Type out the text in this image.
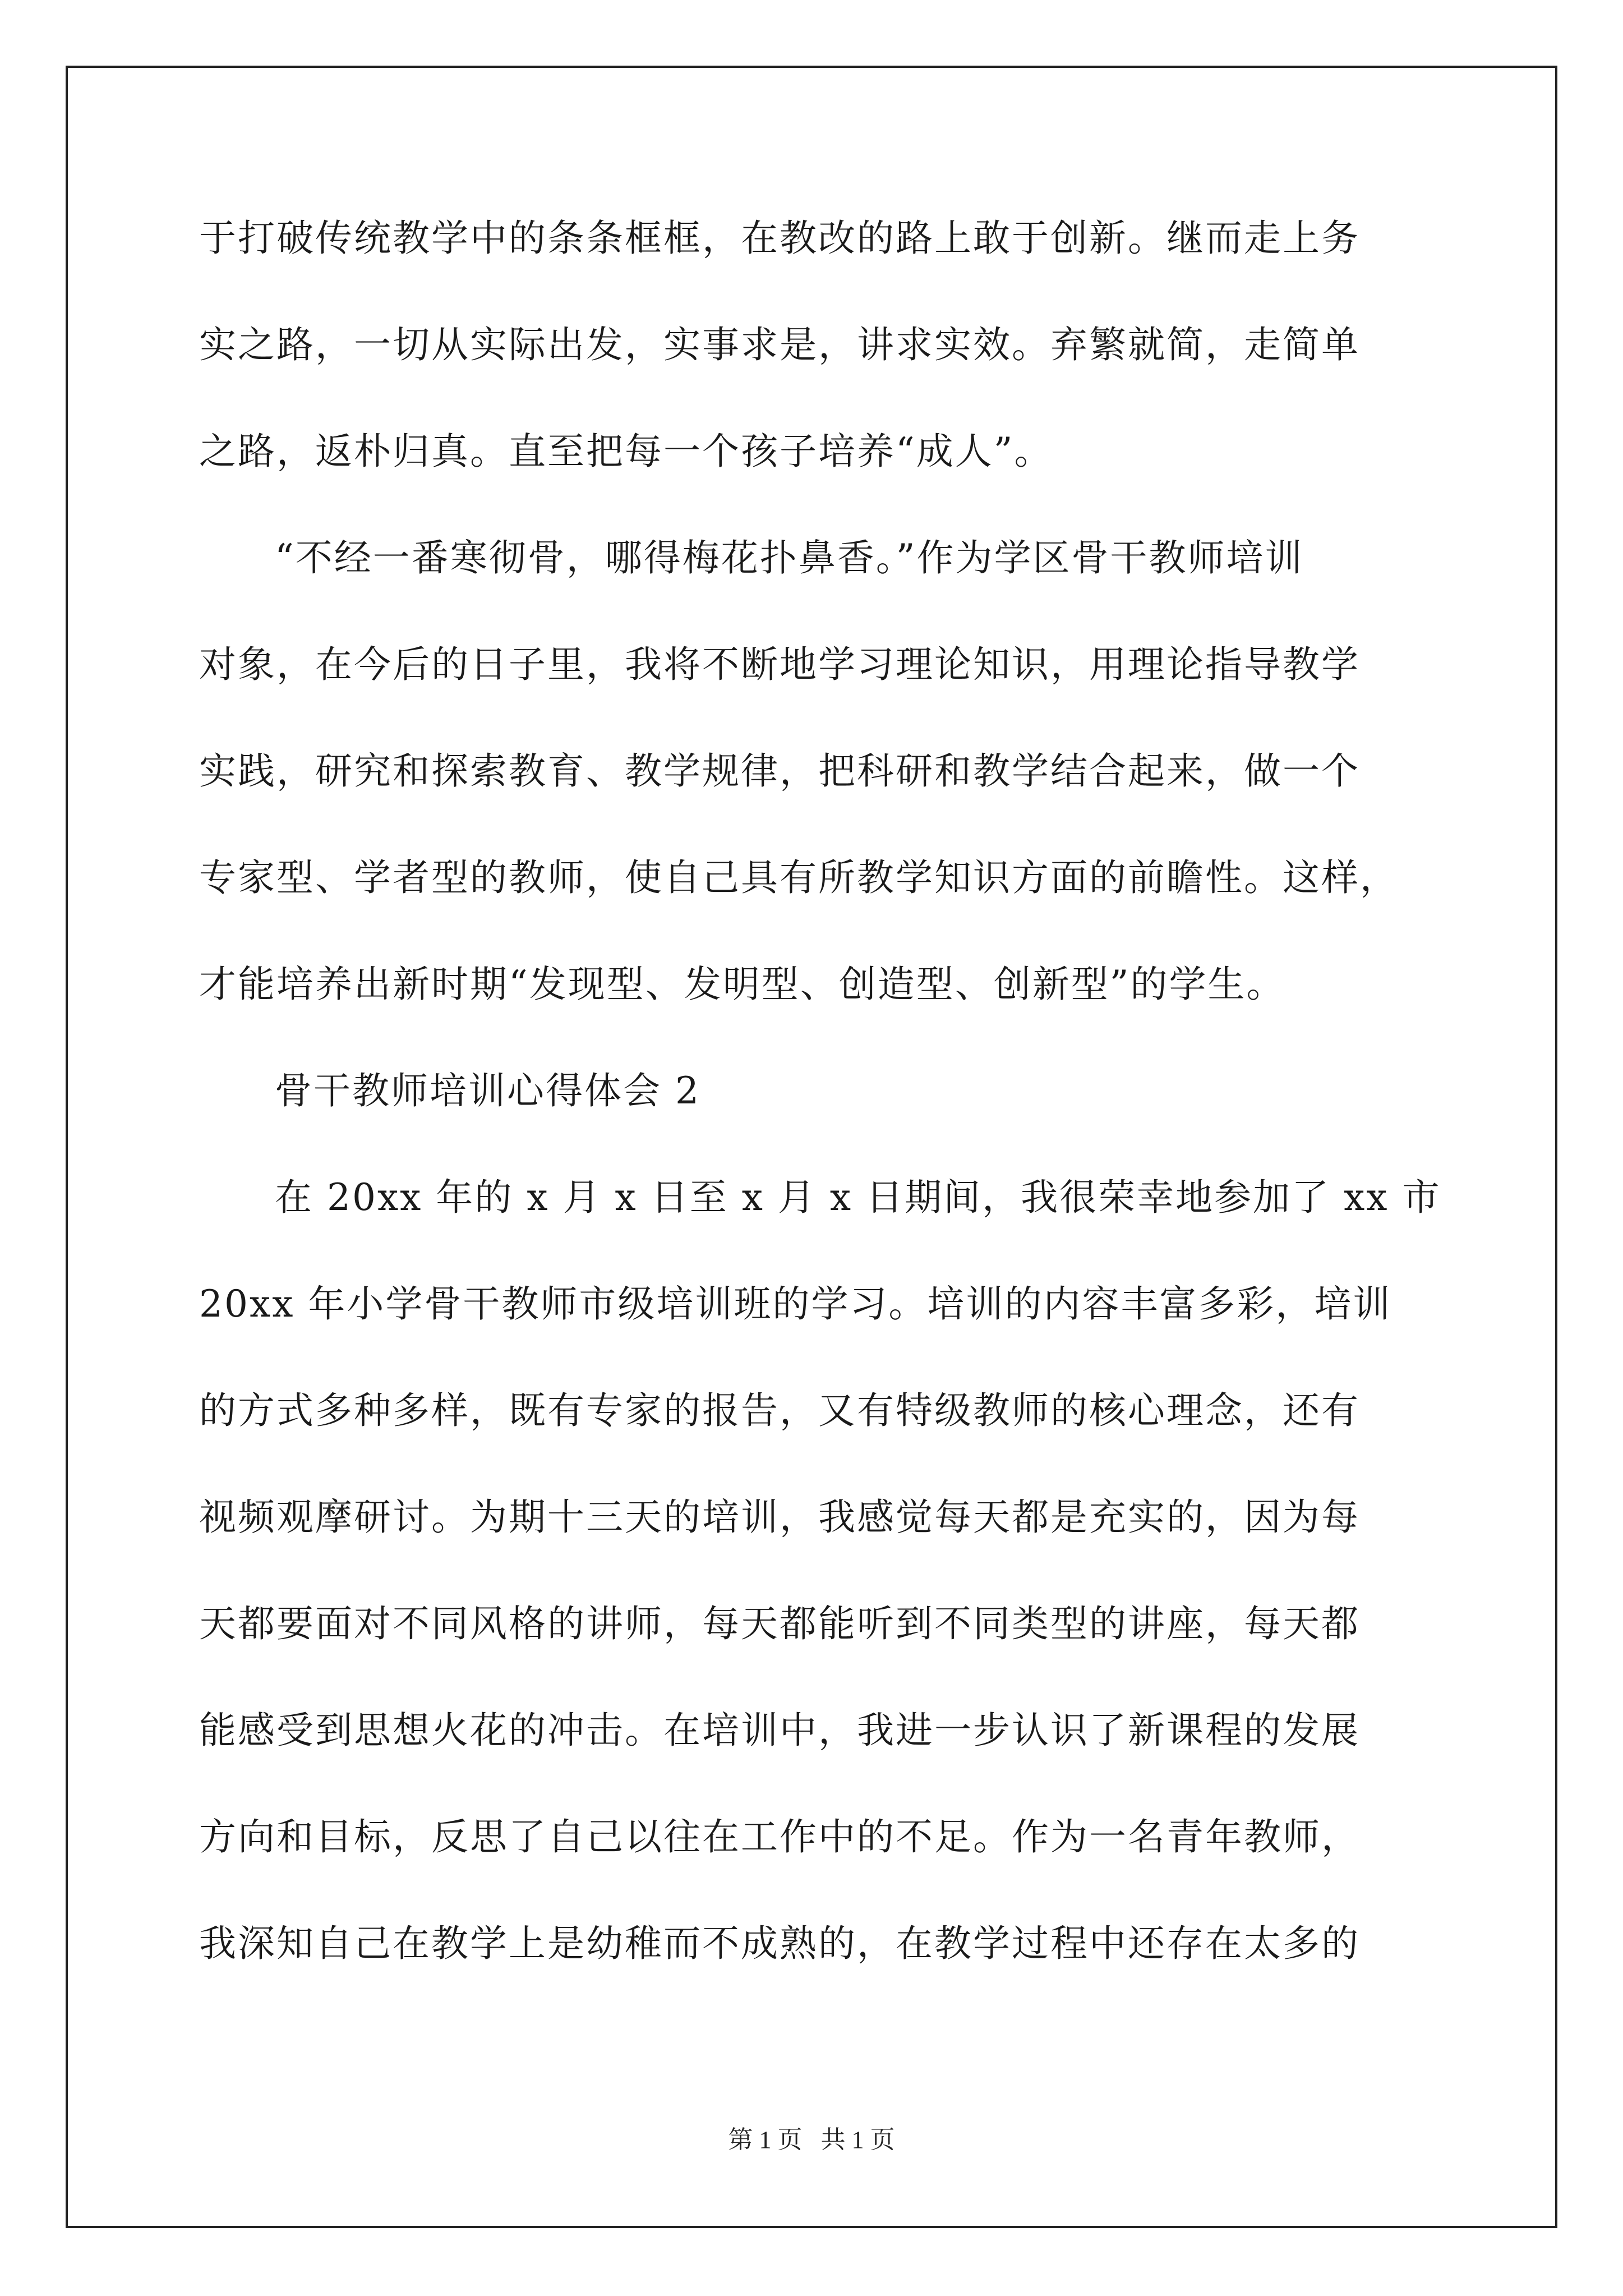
于打破传统教学中的条条框框，在教改的路上敢于创新。继而走上务
实之路，一切从实际出发，实事求是，讲求实效。弃繁就简，走简单
之路，返朴归真。直至把每一个孩子培养“成人”。
“不经一番寒彻骨，哪得梅花扑鼻香。”作为学区骨干教师培训
对象，在今后的日子里，我将不断地学习理论知识，用理论指导教学
实践，研究和探索教育、教学规律，把科研和教学结合起来，做一个
专家型、学者型的教师，使自己具有所教学知识方面的前瞻性。这样，
才能培养出新时期“发现型、发明型、创造型、创新型”的学生。
骨干教师培训心得体会 2
在 20xx 年的 x 月 x 日至 x 月 x 日期间，我很荣幸地参加了 xx 市
20xx 年小学骨干教师市级培训班的学习。培训的内容丰富多彩，培训
的方式多种多样，既有专家的报告，又有特级教师的核心理念，还有
视频观摩研讨。为期十三天的培训，我感觉每天都是充实的，因为每
天都要面对不同风格的讲师，每天都能听到不同类型的讲座，每天都
能感受到思想火花的冲击。在培训中，我进一步认识了新课程的发展
方向和目标，反思了自己以往在工作中的不足。作为一名青年教师，
我深知自己在教学上是幼稚而不成熟的，在教学过程中还存在太多的
第 1 页   共 1 页
